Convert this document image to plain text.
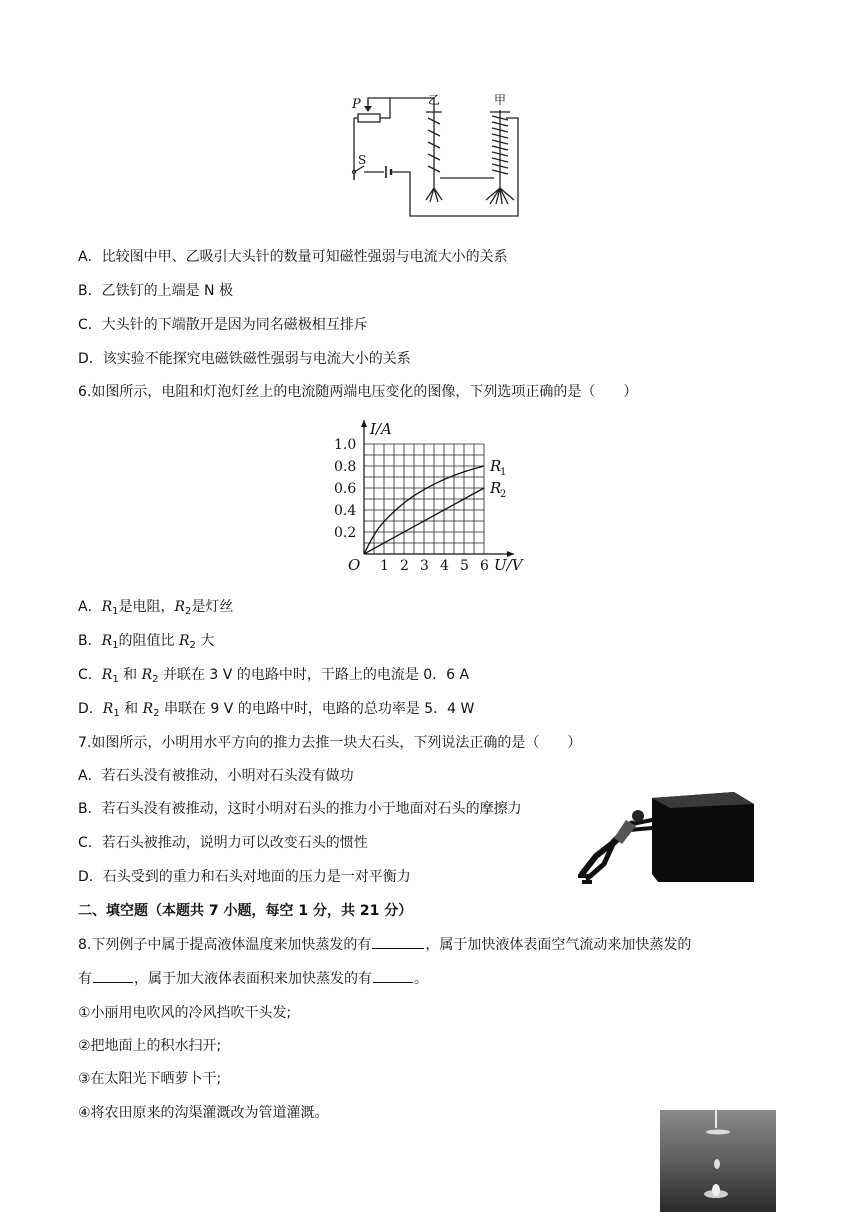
P
S
乙	甲
A．比较图中甲、乙吸引大头针的数量可知磁性强弱与电流大小的关系
B．乙铁钉的上端是 N 极
C．大头针的下端散开是因为同名磁极相互排斥
D．该实验不能探究电磁铁磁性强弱与电流大小的关系
6.如图所示，电阻和灯泡灯丝上的电流随两端电压变化的图像，下列选项正确的是（　　）
1 2 3 4 5 6
0.2
0.4
0.6
0.8
1.0
O	U/V
I/A
R
1
R
2
A．$R_1$是电阻，$R_2$是灯丝
B．$R_1$的阻值比 $R_2$ 大
C．$R_1$ 和 $R_2$ 并联在 3 V 的电路中时，干路上的电流是 0．6 A
D．$R_1$ 和 $R_2$ 串联在 9 V 的电路中时，电路的总功率是 5．4 W
7.如图所示，小明用水平方向的推力去推一块大石头，下列说法正确的是（　　）
A．若石头没有被推动，小明对石头没有做功
B．若石头没有被推动，这时小明对石头的推力小于地面对石头的摩擦力
C．若石头被推动，说明力可以改变石头的惯性
D．石头受到的重力和石头对地面的压力是一对平衡力
二、填空题（本题共 7 小题，每空 1 分，共 21 分）
8.下列例子中属于提高液体温度来加快蒸发的有	，属于加快液体表面空气流动来加快蒸发的
有	，属于加大液体表面积来加快蒸发的有	。
①小丽用电吹风的冷风挡吹干头发;
②把地面上的积水扫开;
③在太阳光下晒萝卜干;
④将农田原来的沟渠灌溉改为管道灌溉。
